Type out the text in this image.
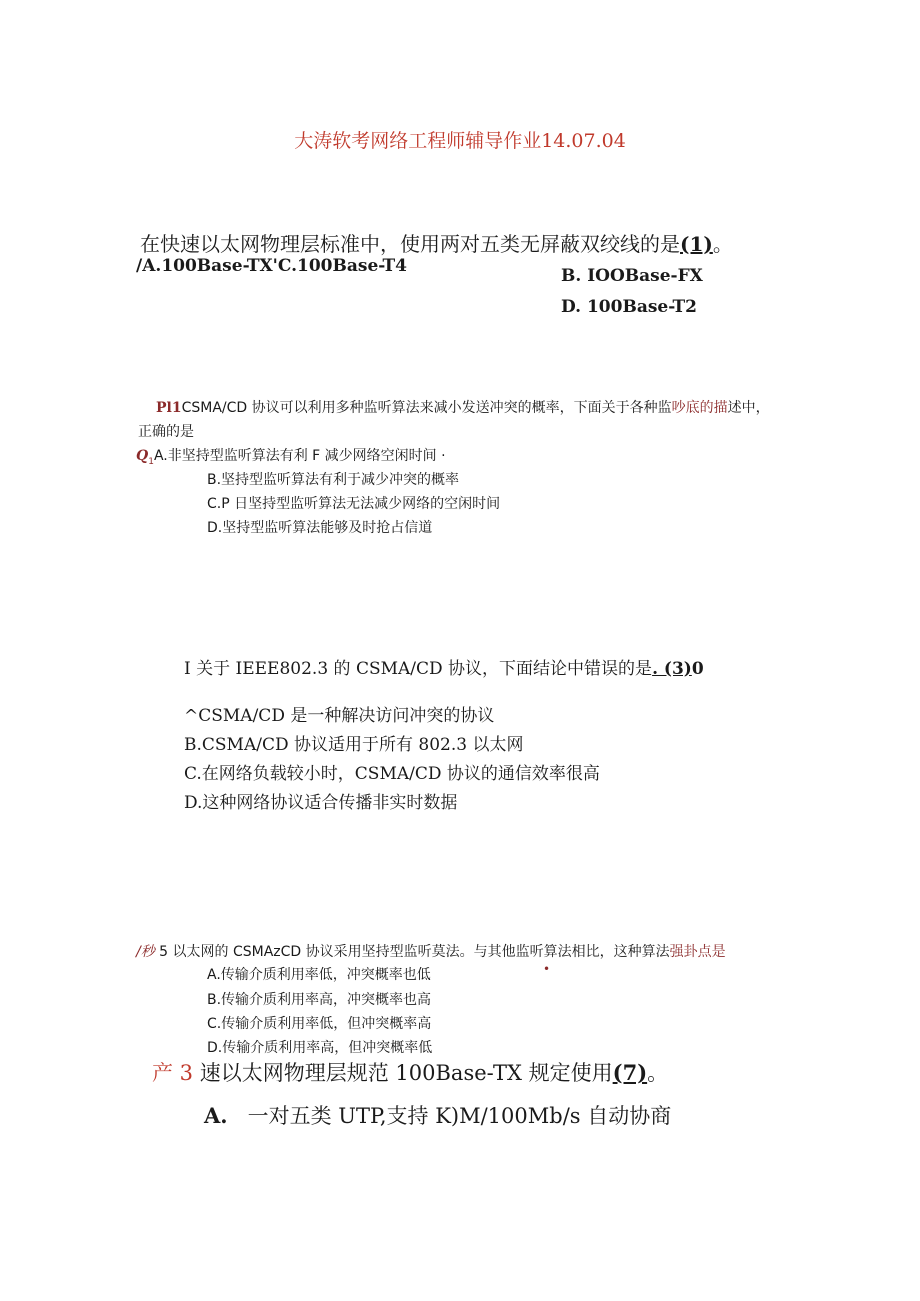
大涛软考网络工程师辅导作业14.07.04
在快速以太网物理层标准中，使用两对五类无屏蔽双绞线的是(1)。
/A.100Base-TX'C.100Base-T4	B. IOOBase-FX
D. 100Base-T2
Pl1CSMA/CD 协议可以利用多种监听算法来减小发送冲突的概率，下面关于各种监吵底的描述中，
正确的是
$Q_1A$.非坚持型监听算法有利 F 减少网络空闲时间 ·
B.坚持型监听算法有利于减少冲突的概率
C.P 日坚持型监听算法无法减少网络的空闲时间
D.坚持型监听算法能够及时抢占信道
I 关于 IEEE802.3 的 CSMA/CD 协议，下面结论中错误的是. (3)0
^CSMA/CD 是一种解决访问冲突的协议
B.CSMA/CD 协议适用于所有 802.3 以太网
C.在网络负载较小时，CSMA/CD 协议的通信效率很高
D.这种网络协议适合传播非实时数据
/秒 5 以太网的 CSMAzCD 协议采用坚持型监听莫法。与其他监听算法相比，这种算法强卦点是
•
A.传输介质利用率低，冲突概率也低
B.传输介质利用率高，冲突概率也高
C.传输介质利用率低，但冲突概率高
D.传输介质利用率高，但冲突概率低
产 3 速以太网物理层规范 100Base-TX 规定使用(7)。
A. 一对五类 UTP,支持 K)M/100Mb/s 自动协商
